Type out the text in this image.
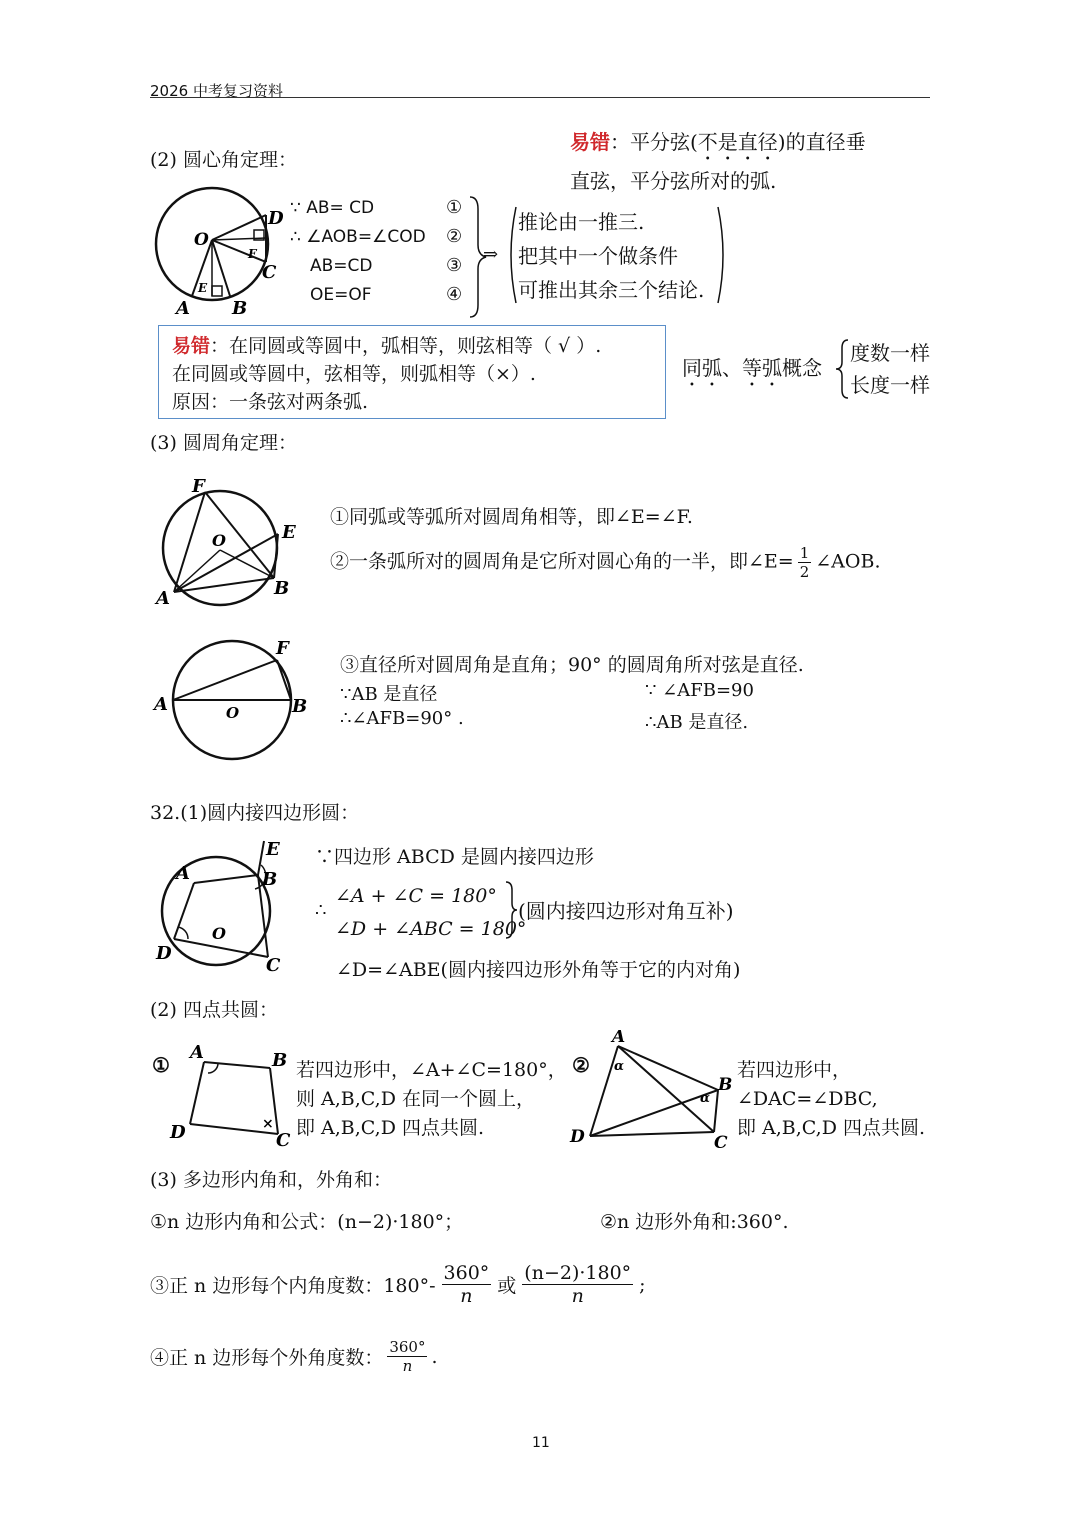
2026 中考复习资料
(2) 圆心角定理：
易错：平分弦(不是直径)的直径垂
直弦，平分弦所对的弧.
O
D
C
F
E
A B
∵ AB= CD
∴ ∠AOB=∠COD
AB=CD
OE=OF
①
②
③
④
⇒
推论由一推三.
把其中一个做条件
可推出其余三个结论.
易错：在同圆或等圆中，弧相等，则弦相等（ √ ）.
在同圆或等圆中，弦相等，则弧相等（×）.
原因：一条弦对两条弧.
同弧、等弧概念
度数一样
长度一样
(3) 圆周角定理：
F
E
O
A	B
①同弧或等弧所对圆周角相等，即∠E=∠F.
②一条弧所对的圆周角是它所对圆心角的一半，即∠E= $\frac{1}{2}$ ∠AOB.
F
A	B
O
③直径所对圆周角是直角；90° 的圆周角所对弦是直径.
∵AB 是直径	∵ ∠AFB=90
∴∠AFB=90° .	∴AB 是直径.
32.(1)圆内接四边形圆：
E
A	B
O
D
C
∵四边形 ABCD 是圆内接四边形
∴
∠A + ∠C = 180°
∠D + ∠ABC = 180°
(圆内接四边形对角互补)
∠D=∠ABE(圆内接四边形外角等于它的内对角)
(2) 四点共圆：
①
×
A	B
D	C
若四边形中，∠A+∠C=180°，
则 A,B,C,D 在同一个圆上，
即 A,B,C,D 四点共圆.
②
A
α
B
α
D	C
若四边形中，
∠DAC=∠DBC,
即 A,B,C,D 四点共圆.
(3) 多边形内角和，外角和：
①n 边形内角和公式：(n−2)·180°；	②n 边形外角和:360°.
③正 n 边形每个内角度数：$180^\circ- \frac{360^\circ}{n}$ 或 $\frac{(n-2)\cdot 180^\circ}{n}$ ;
④正 n 边形每个外角度数： $\frac{360^\circ}{n}$ .
11
